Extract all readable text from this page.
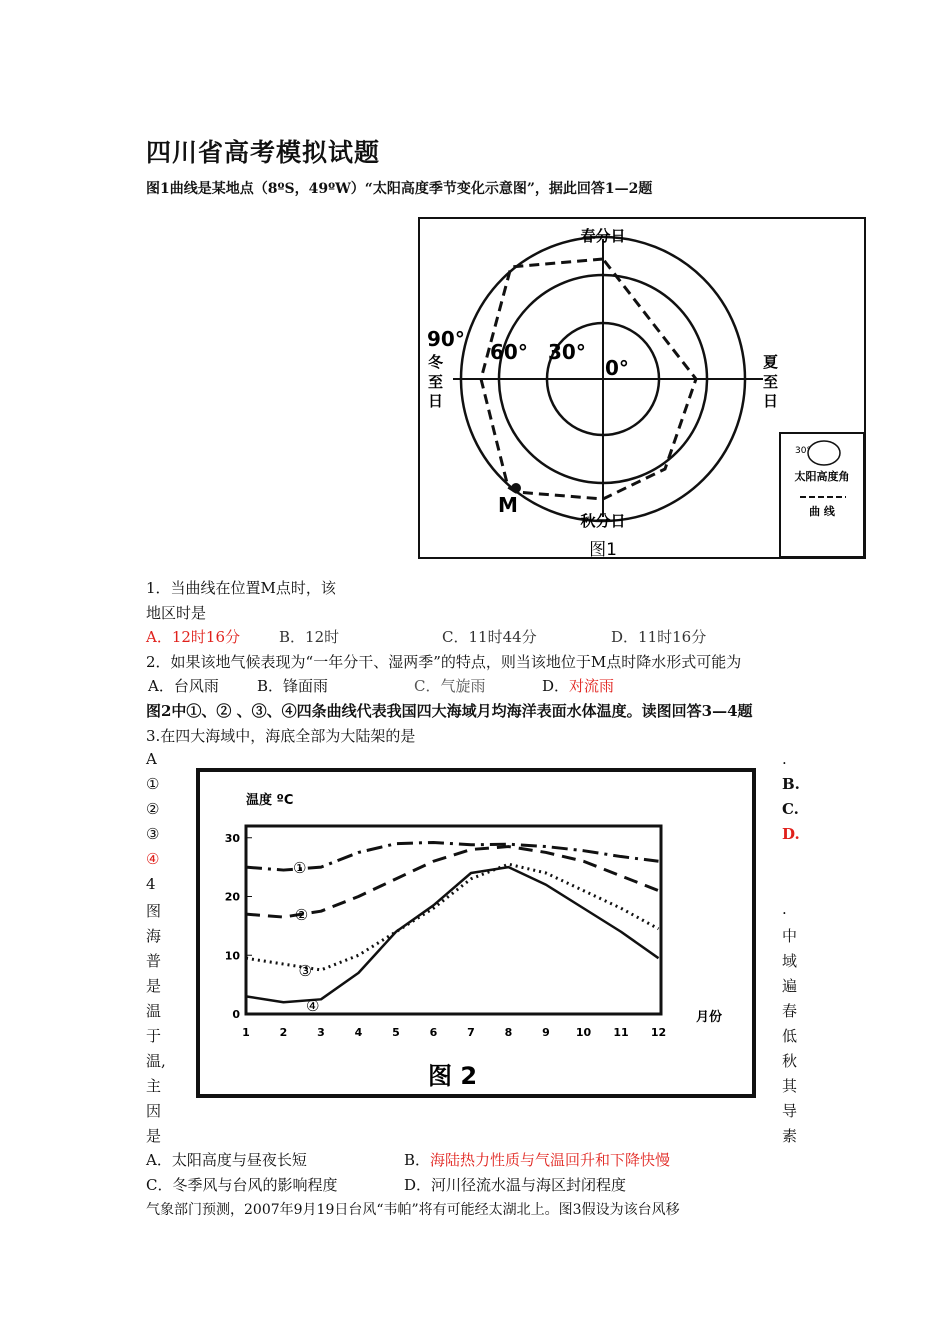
四川省高考模拟试题
图1曲线是某地点（8ºS，49ºW）“太阳高度季节变化示意图”，据此回答1—2题
春分日
秋分日
90°
60° 30°
0°
M
冬
至
日
夏
至
日
图1
30°
太阳高度角
曲 线
1．当曲线在位置M点时，该
地区时是
A．12时16分	B．12时	C．11时44分	D．11时16分
2．如果该地气候表现为“一年分干、湿两季”的特点，则当该地位于M点时降水形式可能为
A．台风雨	B．锋面雨	C．气旋雨	D．对流雨
图2中①、② 、③、④四条曲线代表我国四大海域月均海洋表面水体温度。读图回答3—4题
3.在四大海域中，海底全部为大陆架的是
A
①
②
③
④
4
图
海
普
是
温
于
温,
主
因
是
.
B.
C.
D.
.
中
域
遍
春
低
秋
其
导
素
温度 ºC
月份
图 2
0
10
20
30
1	2	3	4	5	6	7	8	9 10 11 12
①
②
③
④
A．太阳高度与昼夜长短	B．海陆热力性质与气温回升和下降快慢
C．冬季风与台风的影响程度	D．河川径流水温与海区封闭程度
气象部门预测，2007年9月19日台风“韦帕”将有可能经太湖北上。图3假设为该台风移
